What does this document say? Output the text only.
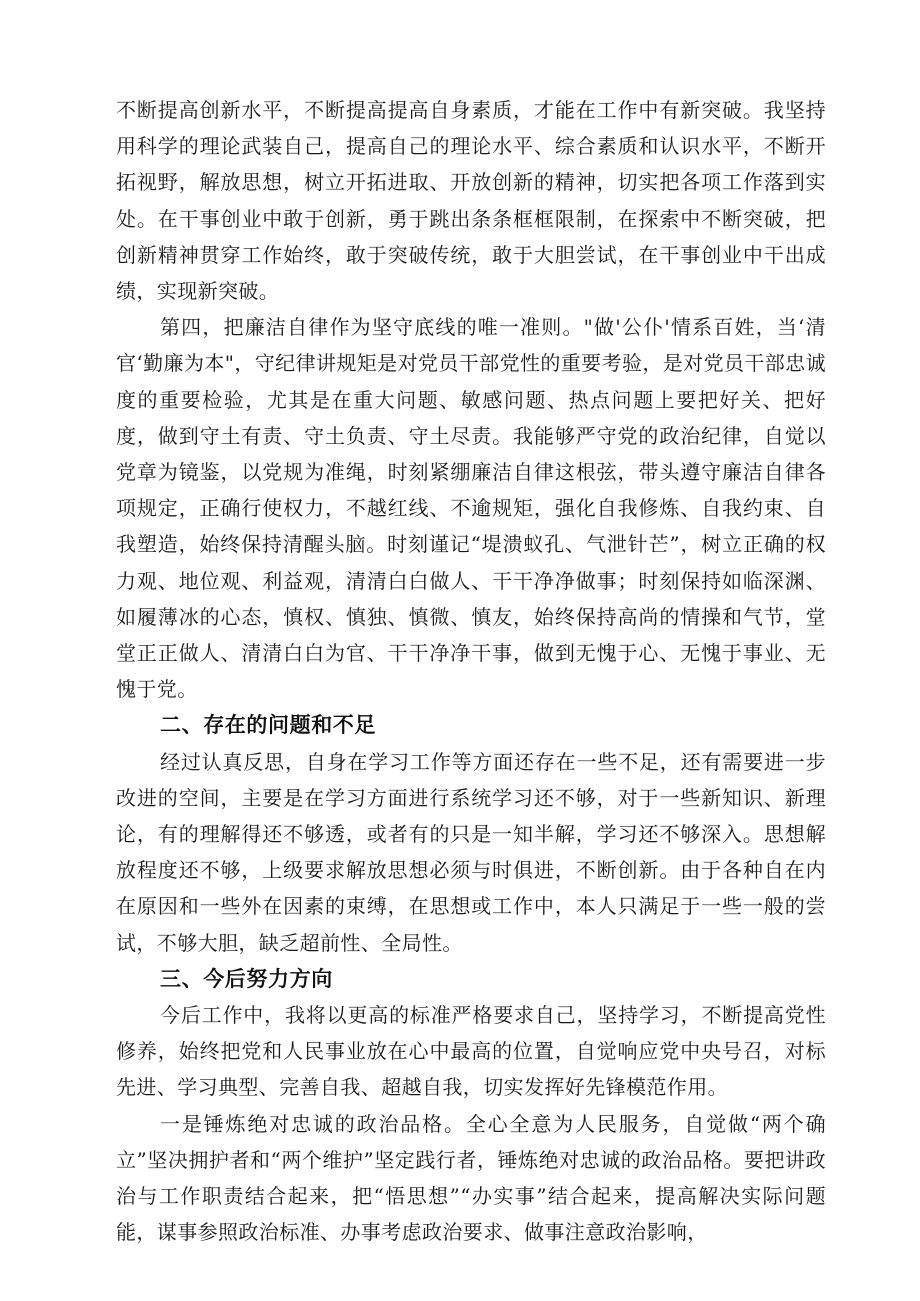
不断提高创新水平，不断提高提高自身素质，才能在工作中有新突破。我坚持用科学的理论武装自己，提高自己的理论水平、综合素质和认识水平，不断开拓视野，解放思想，树立开拓进取、开放创新的精神，切实把各项工作落到实处。在干事创业中敢于创新，勇于跳出条条框框限制，在探索中不断突破，把创新精神贯穿工作始终，敢于突破传统，敢于大胆尝试，在干事创业中干出成绩，实现新突破。

第四，把廉洁自律作为坚守底线的唯一准则。"做'公仆'情系百姓，当‘清官‘勤廉为本"，守纪律讲规矩是对党员干部党性的重要考验，是对党员干部忠诚度的重要检验，尤其是在重大问题、敏感问题、热点问题上要把好关、把好度，做到守土有责、守土负责、守土尽责。我能够严守党的政治纪律，自觉以党章为镜鉴，以党规为准绳，时刻紧绷廉洁自律这根弦，带头遵守廉洁自律各项规定，正确行使权力，不越红线、不逾规矩，强化自我修炼、自我约束、自我塑造，始终保持清醒头脑。时刻谨记“堤溃蚁孔、气泄针芒”，树立正确的权力观、地位观、利益观，清清白白做人、干干净净做事；时刻保持如临深渊、如履薄冰的心态，慎权、慎独、慎微、慎友，始终保持高尚的情操和气节，堂堂正正做人、清清白白为官、干干净净干事，做到无愧于心、无愧于事业、无愧于党。

二、存在的问题和不足

经过认真反思，自身在学习工作等方面还存在一些不足，还有需要进一步改进的空间，主要是在学习方面进行系统学习还不够，对于一些新知识、新理论，有的理解得还不够透，或者有的只是一知半解，学习还不够深入。思想解放程度还不够，上级要求解放思想必须与时俱进，不断创新。由于各种自在内在原因和一些外在因素的束缚，在思想或工作中，本人只满足于一些一般的尝试，不够大胆，缺乏超前性、全局性。

三、今后努力方向

今后工作中，我将以更高的标准严格要求自己，坚持学习，不断提高党性修养，始终把党和人民事业放在心中最高的位置，自觉响应党中央号召，对标先进、学习典型、完善自我、超越自我，切实发挥好先锋模范作用。

一是锤炼绝对忠诚的政治品格。全心全意为人民服务，自觉做“两个确立”坚决拥护者和“两个维护”坚定践行者，锤炼绝对忠诚的政治品格。要把讲政治与工作职责结合起来，把“悟思想”“办实事”结合起来，提高解决实际问题能，谋事参照政治标准、办事考虑政治要求、做事注意政治影响，
